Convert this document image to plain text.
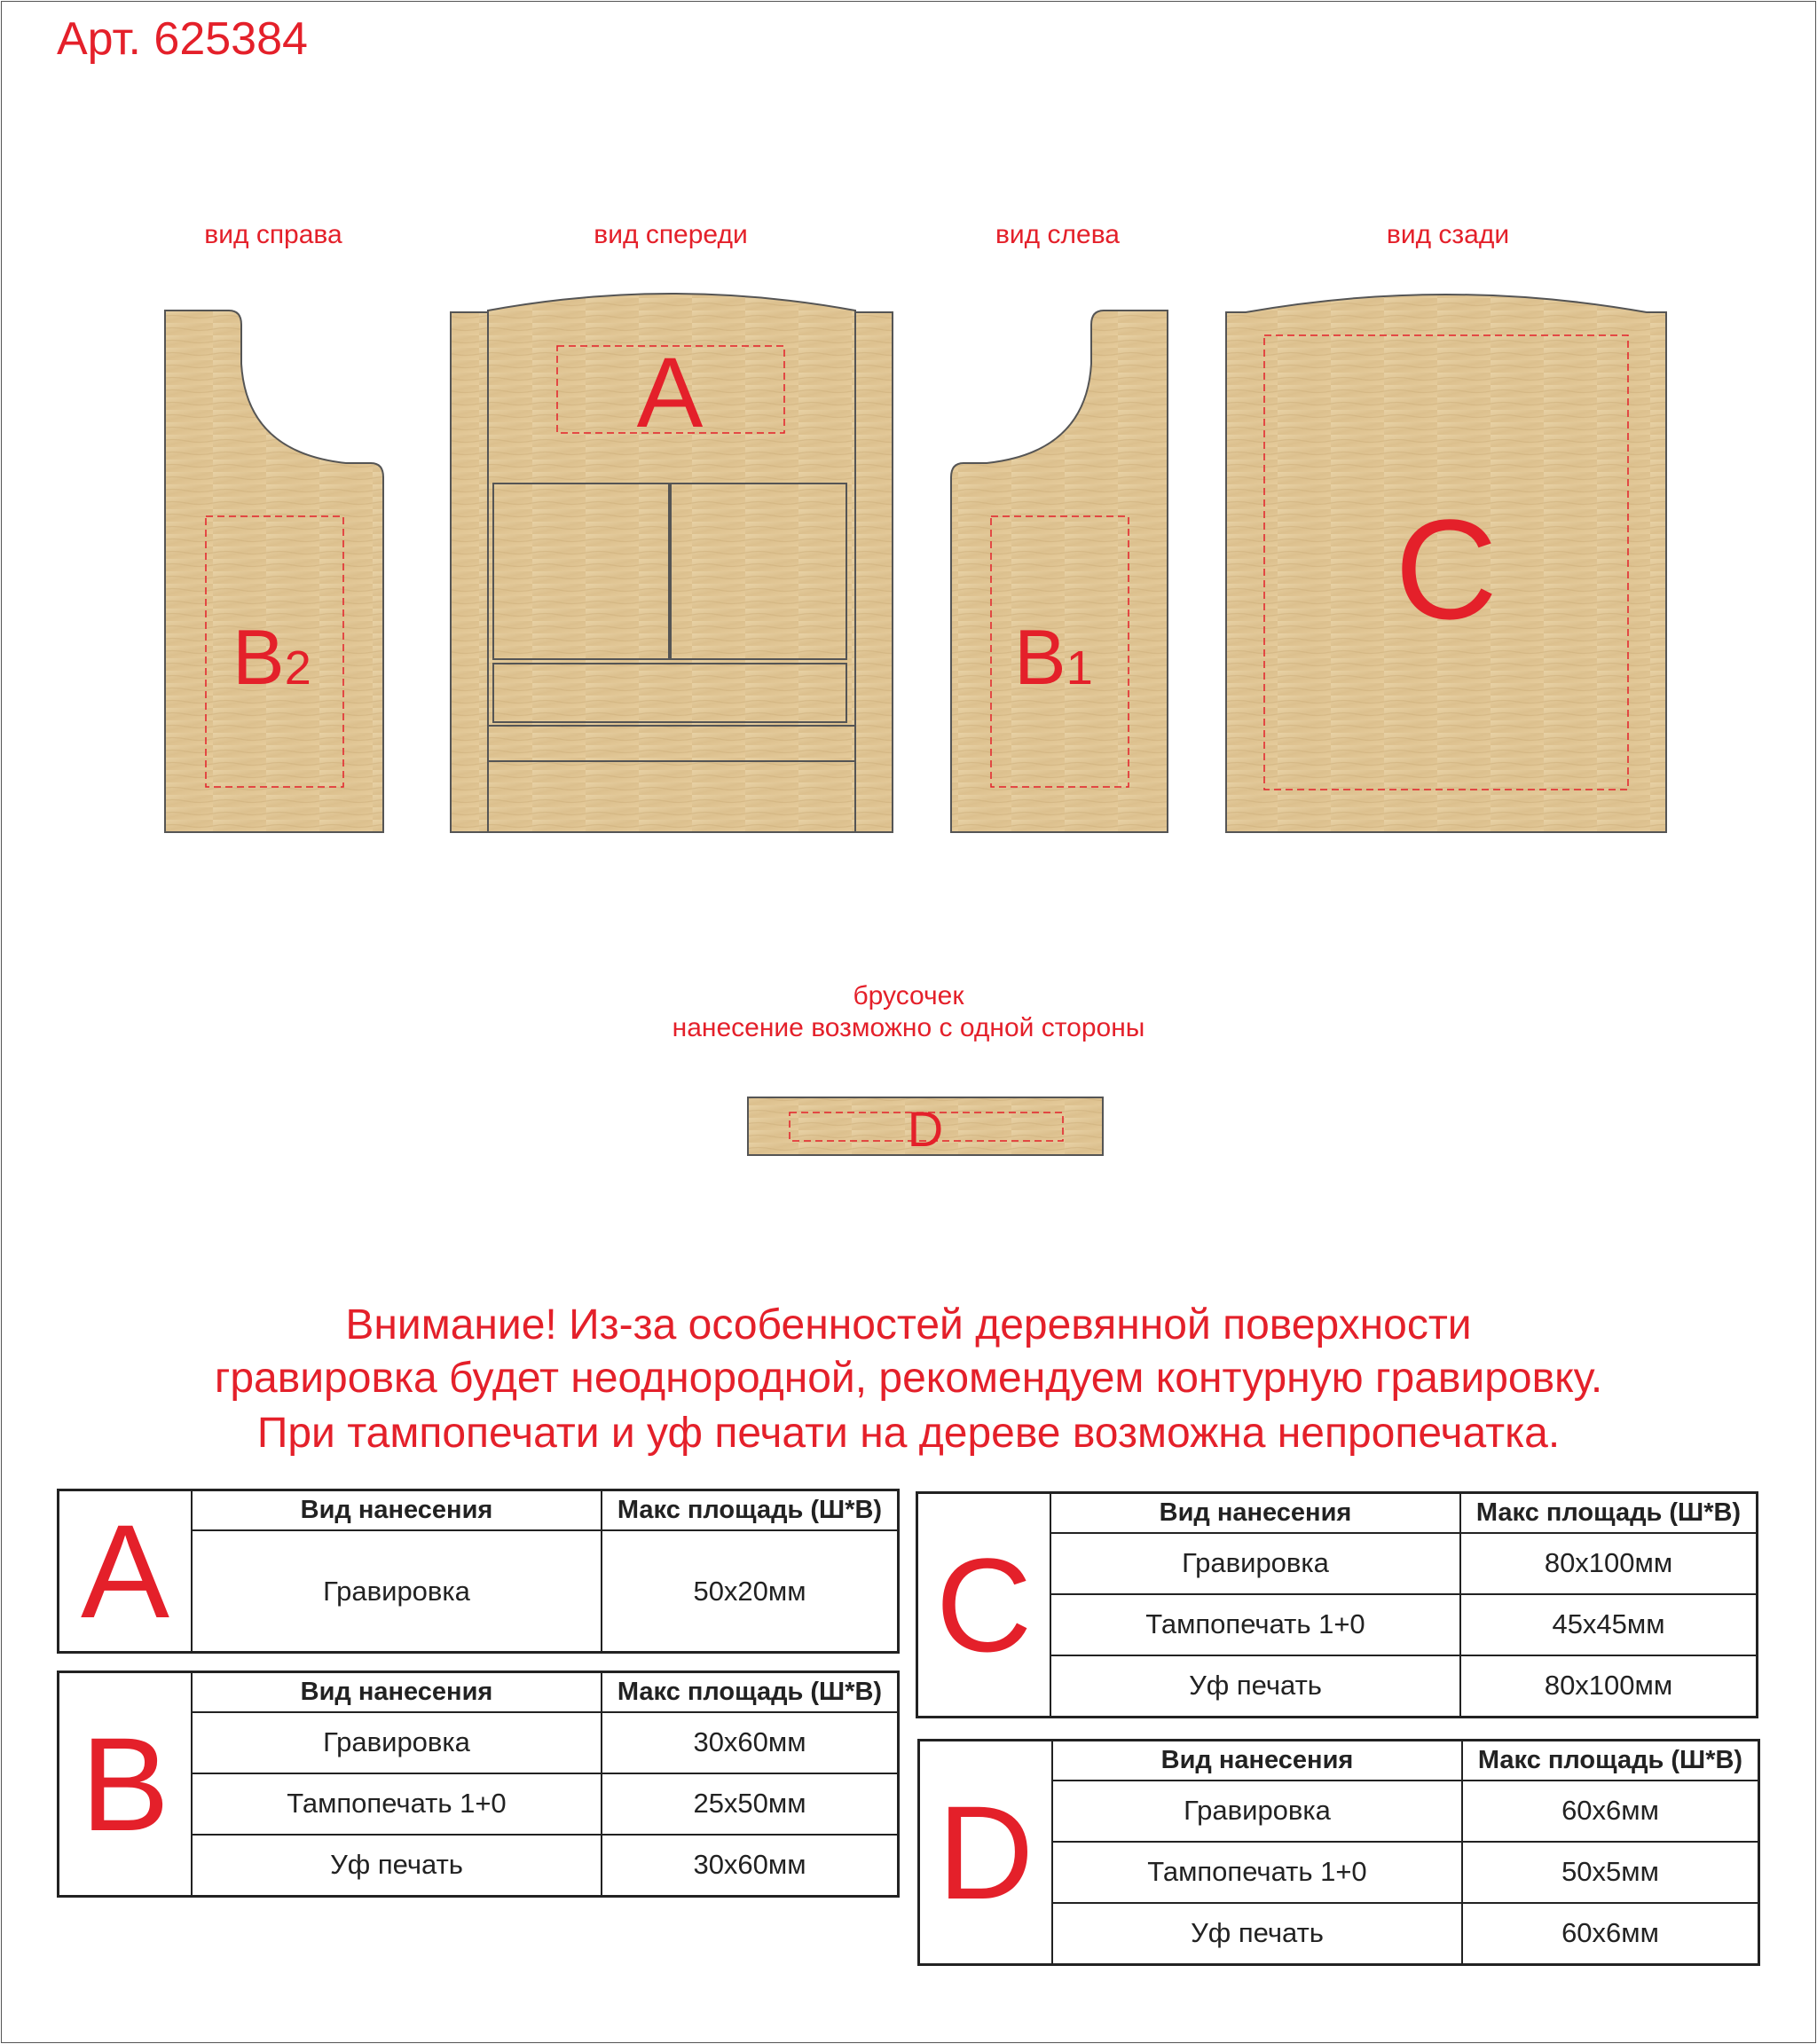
Арт. 625384
вид справа	вид спереди	вид слева	вид сзади
A
B2	B1
C
D
брусочек
нанесение возможно с одной стороны
Внимание! Из-за особенностей деревянной поверхности
гравировка будет неоднородной, рекомендуем контурную гравировку.
При тампопечати и уф печати на дереве возможна непропечатка.
A	Вид нанесения	Макс площадь (Ш*В)
	Гравировка	50x20мм
B	Вид нанесения	Макс площадь (Ш*В)
	Гравировка	30x60мм
	Тампопечать 1+0	25x50мм
	Уф печать	30x60мм
C	Вид нанесения	Макс площадь (Ш*В)
	Гравировка	80x100мм
	Тампопечать 1+0	45x45мм
	Уф печать	80x100мм
D	Вид нанесения	Макс площадь (Ш*В)
	Гравировка	60x6мм
	Тампопечать 1+0	50x5мм
	Уф печать	60x6мм
